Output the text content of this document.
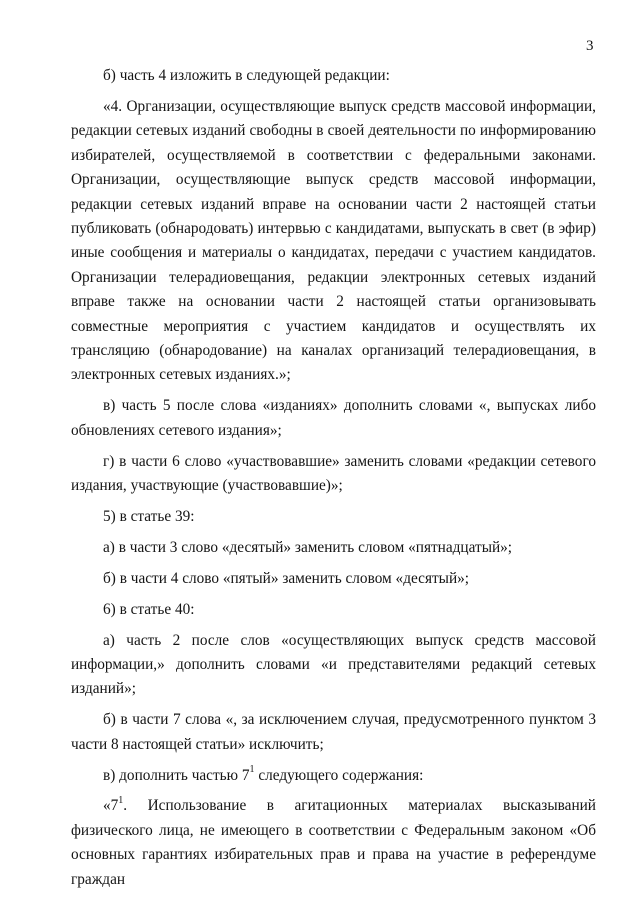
3

б) часть 4 изложить в следующей редакции:

«4. Организации, осуществляющие выпуск средств массовой информации, редакции сетевых изданий свободны в своей деятельности по информированию избирателей, осуществляемой в соответствии с федеральными законами. Организации, осуществляющие выпуск средств массовой информации, редакции сетевых изданий вправе на основании части 2 настоящей статьи публиковать (обнародовать) интервью с кандидатами, выпускать в свет (в эфир) иные сообщения и материалы о кандидатах, передачи с участием кандидатов. Организации телерадиовещания, редакции электронных сетевых изданий вправе также на основании части 2 настоящей статьи организовывать совместные мероприятия с участием кандидатов и осуществлять их трансляцию (обнародование) на каналах организаций телерадиовещания, в электронных сетевых изданиях.»;

в) часть 5 после слова «изданиях» дополнить словами «, выпусках либо обновлениях сетевого издания»;

г) в части 6 слово «участвовавшие» заменить словами «редакции сетевого издания, участвующие (участвовавшие)»;

5) в статье 39:

а) в части 3 слово «десятый» заменить словом «пятнадцатый»;

б) в части 4 слово «пятый» заменить словом «десятый»;

6) в статье 40:

а) часть 2 после слов «осуществляющих выпуск средств массовой информации,» дополнить словами «и представителями редакций сетевых изданий»;

б) в части 7 слова «, за исключением случая, предусмотренного пунктом 3 части 8 настоящей статьи» исключить;

в) дополнить частью $7^1$ следующего содержания:

«$7^1$. Использование в агитационных материалах высказываний физического лица, не имеющего в соответствии с Федеральным законом «Об основных гарантиях избирательных прав и права на участие в референдуме граждан
